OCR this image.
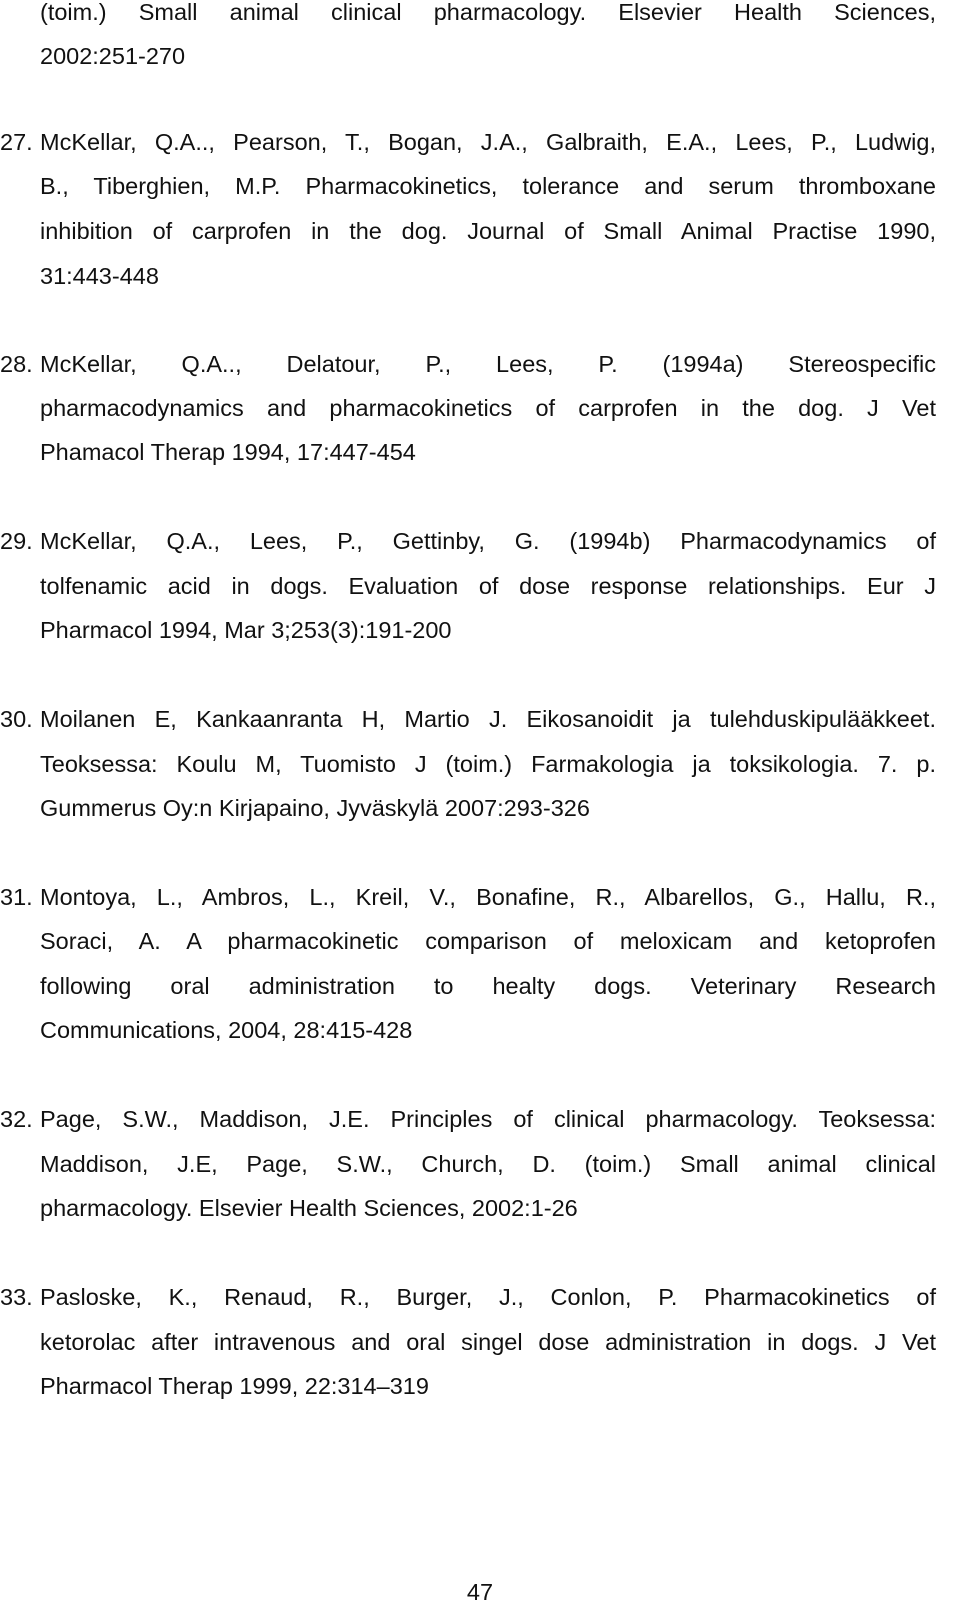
(toim.) Small animal clinical pharmacology. Elsevier Health Sciences,
2002:251-270
27. McKellar, Q.A.., Pearson, T., Bogan, J.A., Galbraith, E.A., Lees, P., Ludwig,
B., Tiberghien, M.P. Pharmacokinetics, tolerance and serum thromboxane
inhibition of carprofen in the dog. Journal of Small Animal Practise 1990,
31:443-448
28. McKellar, Q.A.., Delatour, P., Lees, P. (1994a) Stereospecific
pharmacodynamics and pharmacokinetics of carprofen in the dog. J Vet
Phamacol Therap 1994, 17:447-454
29. McKellar, Q.A., Lees, P., Gettinby, G. (1994b) Pharmacodynamics of
tolfenamic acid in dogs. Evaluation of dose response relationships. Eur J
Pharmacol 1994, Mar 3;253(3):191-200
30. Moilanen E, Kankaanranta H, Martio J. Eikosanoidit ja tulehduskipulääkkeet.
Teoksessa: Koulu M, Tuomisto J (toim.) Farmakologia ja toksikologia. 7. p.
Gummerus Oy:n Kirjapaino, Jyväskylä 2007:293-326
31. Montoya, L., Ambros, L., Kreil, V., Bonafine, R., Albarellos, G., Hallu, R.,
Soraci, A. A pharmacokinetic comparison of meloxicam and ketoprofen
following oral administration to healty dogs. Veterinary Research
Communications, 2004, 28:415-428
32. Page, S.W., Maddison, J.E. Principles of clinical pharmacology. Teoksessa:
Maddison, J.E, Page, S.W., Church, D. (toim.) Small animal clinical
pharmacology. Elsevier Health Sciences, 2002:1-26
33. Pasloske, K., Renaud, R., Burger, J., Conlon, P. Pharmacokinetics of
ketorolac after intravenous and oral singel dose administration in dogs. J Vet
Pharmacol Therap 1999, 22:314–319
47
